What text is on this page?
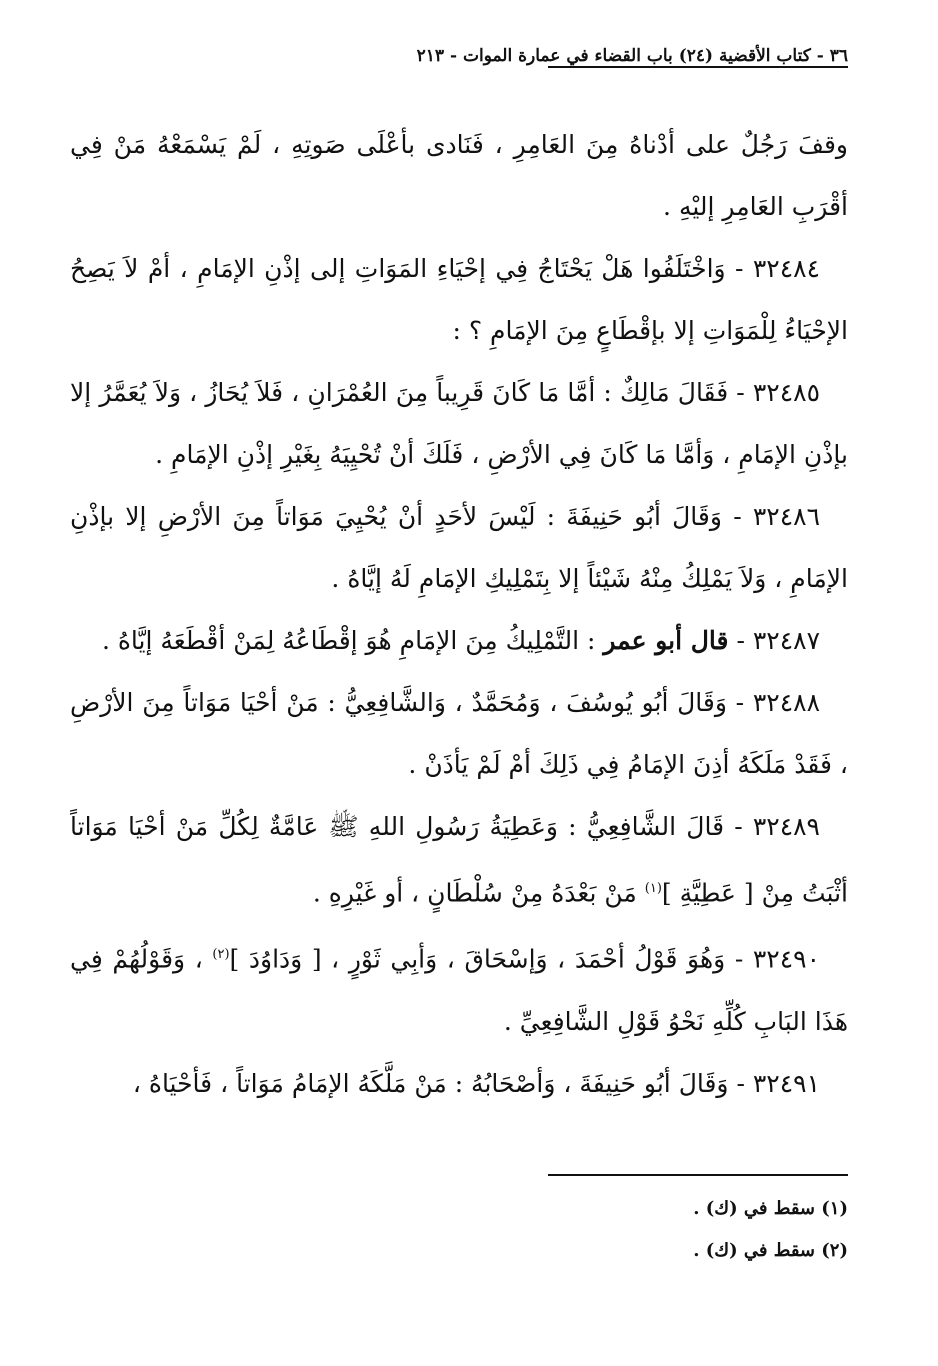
٣٦ - كتاب الأقضية (٢٤) باب القضاء في عمارة الموات - ٢١٣

وقفَ رَجُلٌ على أدْناهُ مِنَ العَامِرِ ، فَنَادى بأعْلَى صَوتِهِ ، لَمْ يَسْمَعْهُ مَنْ فِي أقْرَبِ العَامِرِ إليْهِ .

٣٢٤٨٤ - وَاخْتَلَفُوا هَلْ يَحْتَاجُ فِي إحْيَاءِ المَوَاتِ إلى إذْنِ الإمَامِ ، أمْ لاَ يَصِحُ الإحْيَاءُ لِلْمَوَاتِ إلا بإقْطَاعٍ مِنَ الإمَامِ ؟ :

٣٢٤٨٥ - فَقَالَ مَالِكٌ : أمَّا مَا كَانَ قَرِيباً مِنَ العُمْرَانِ ، فَلاَ يُحَازُ ، وَلاَ يُعَمَّرُ إلا بإذْنِ الإمَامِ ، وَأمَّا مَا كَانَ فِي الأرْضِ ، فَلَكَ أنْ تُحْيِيَهُ بِغَيْرِ إذْنِ الإمَامِ .

٣٢٤٨٦ - وَقَالَ أبُو حَنِيفَةَ : لَيْسَ لأحَدٍ أنْ يُحْيِيَ مَوَاتاً مِنَ الأرْضِ إلا بإذْنِ الإمَامِ ، وَلاَ يَمْلِكُ مِنْهُ شَيْئاً إلا بِتَمْلِيكِ الإمَامِ لَهُ إيَّاهُ .

٣٢٤٨٧ - قال أبو عمر : التَّمْلِيكُ مِنَ الإمَامِ هُوَ إقْطَاعُهُ لِمَنْ أقْطَعَهُ إيَّاهُ .

٣٢٤٨٨ - وَقَالَ أبُو يُوسُفَ ، وَمُحَمَّدٌ ، وَالشَّافِعِيُّ : مَنْ أحْيَا مَوَاتاً مِنَ الأرْضِ ، فَقَدْ مَلَكَهُ أذِنَ الإمَامُ فِي ذَلِكَ أمْ لَمْ يَأذَنْ .

٣٢٤٨٩ - قَالَ الشَّافِعِيُّ : وَعَطِيَةُ رَسُولِ اللهِ ﷺ عَامَّةٌ لِكُلِّ مَنْ أحْيَا مَوَاتاً أثْبَتُ مِنْ [ عَطِيَّةِ ]$^{(١)}$ مَنْ بَعْدَهُ مِنْ سُلْطَانٍ ، أو غَيْرِهِ .

٣٢٤٩٠ - وَهُوَ قَوْلُ أحْمَدَ ، وَإسْحَاقَ ، وَأبِي ثَوْرٍ ، [ وَدَاوُدَ ]$^{(٢)}$ ، وَقَوْلُهُمْ فِي هَذَا البَابِ كُلِّهِ نَحْوُ قَوْلِ الشَّافِعِيِّ .

٣٢٤٩١ - وَقَالَ أبُو حَنِيفَةَ ، وَأصْحَابُهُ : مَنْ مَلَّكَهُ الإمَامُ مَوَاتاً ، فَأحْيَاهُ ،

(١) سقط في (ك) .

(٢) سقط في (ك) .
